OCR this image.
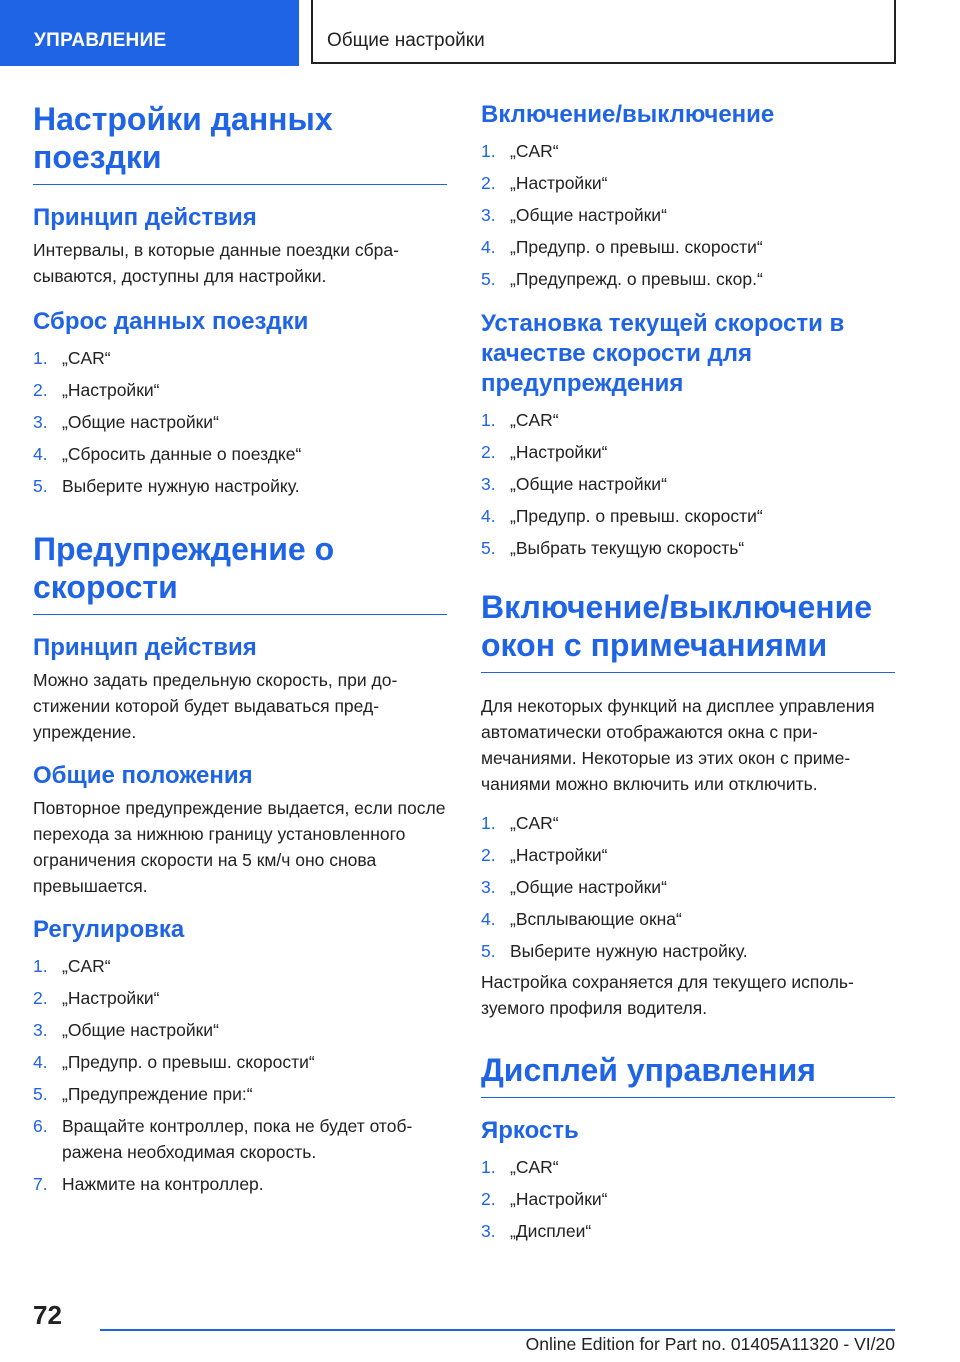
УПРАВЛЕНИЕ	Общие настройки
Настройки данных поездки
Принцип действия

Интервалы, в которые данные поездки сбрасываются, доступны для настройки.

Сброс данных поездки
1. „CAR“
2. „Настройки“
3. „Общие настройки“
4. „Сбросить данные о поездке“
5. Выберите нужную настройку.
Предупреждение о скорости
Принцип действия

Можно задать предельную скорость, при достижении которой будет выдаваться предупреждение.

Общие положения

Повторное предупреждение выдается, если после перехода за нижнюю границу установленного ограничения скорости на 5 км/ч оно снова превышается.

Регулировка
1. „CAR“
2. „Настройки“
3. „Общие настройки“
4. „Предупр. о превыш. скорости“
5. „Предупреждение при:“
6. Вращайте контроллер, пока не будет отображена необходимая скорость.
7. Нажмите на контроллер.
Включение/выключение
1. „CAR“
2. „Настройки“
3. „Общие настройки“
4. „Предупр. о превыш. скорости“
5. „Предупрежд. о превыш. скор.“
Установка текущей скорости в качестве скорости для предупреждения
1. „CAR“
2. „Настройки“
3. „Общие настройки“
4. „Предупр. о превыш. скорости“
5. „Выбрать текущую скорость“
Включение/выключение окон с примечаниями

Для некоторых функций на дисплее управления автоматически отображаются окна с примечаниями. Некоторые из этих окон с примечаниями можно включить или отключить.

1. „CAR“
2. „Настройки“
3. „Общие настройки“
4. „Всплывающие окна“
5. Выберите нужную настройку.

Настройка сохраняется для текущего используемого профиля водителя.

Дисплей управления
Яркость
1. „CAR“
2. „Настройки“
3. „Дисплеи“
72
Online Edition for Part no. 01405A11320 - VI/20
